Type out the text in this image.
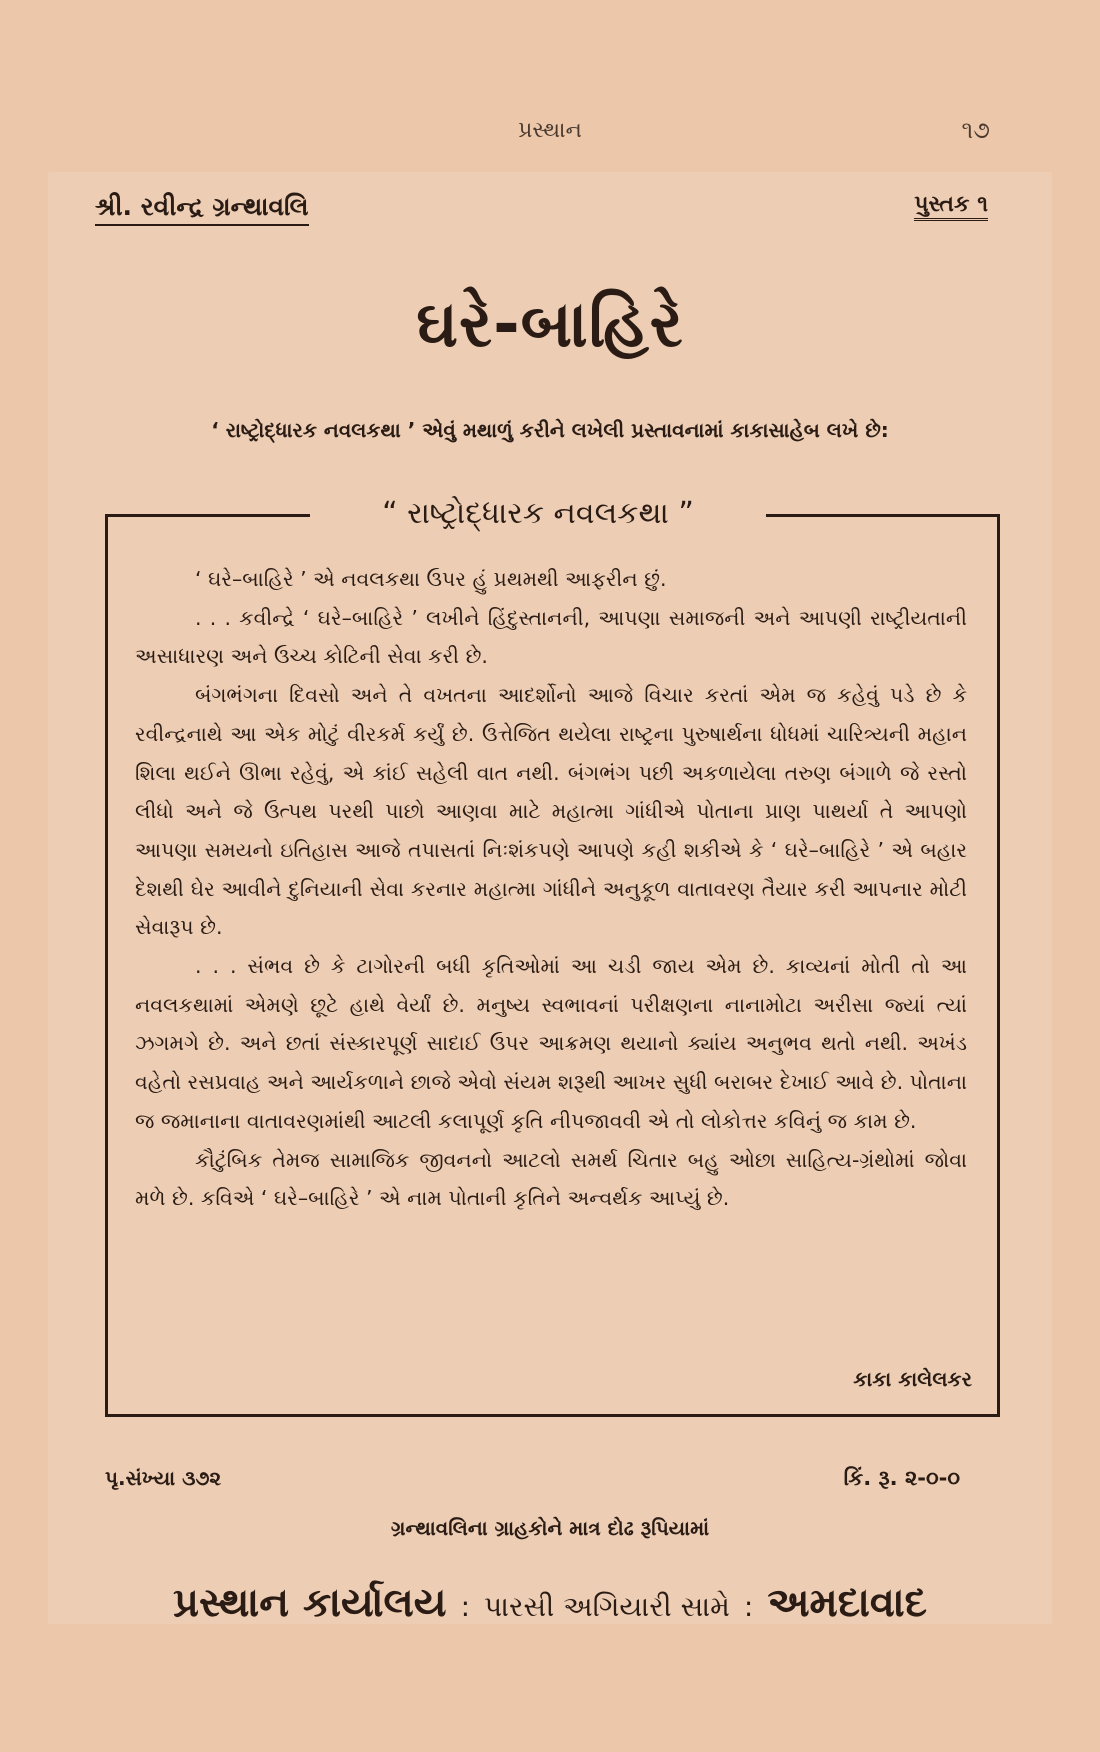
પ્રસ્થાન	૧૭
શ્રી. રવીન્દ્ર ગ્રન્થાવલિ	પુસ્તક ૧
ઘરે-બાહિરે
‘ રાષ્ટ્રોદ્ધારક નવલકથા ’ એવું મથાળું કરીને લખેલી પ્રસ્તાવનામાં કાકાસાહેબ લખે છે:
“ રાષ્ટ્રોદ્ધારક નવલકથા ”

‘ ઘરે–બાહિરે ’ એ નવલકથા ઉપર હું પ્રથમથી આફરીન છું.

. . . કવીન્દ્રે ‘ ઘરે–બાહિરે ’ લખીને હિંદુસ્તાનની, આપણા સમાજની અને આપણી રાષ્ટ્રીયતાની અસાધારણ અને ઉચ્ચ કોટિની સેવા કરી છે.

બંગભંગના દિવસો અને તે વખતના આદર્શોનો આજે વિચાર કરતાં એમ જ કહેવું પડે છે કે રવીન્દ્રનાથે આ એક મોટું વીરકર્મ કર્યું છે. ઉત્તેજિત થયેલા રાષ્ટ્રના પુરુષાર્થના ધોધમાં ચારિત્ર્યની મહાન શિલા થઈને ઊભા રહેવું, એ કાંઈ સહેલી વાત નથી. બંગભંગ પછી અકળાયેલા તરુણ બંગાળે જે રસ્તો લીધો અને જે ઉત્પથ પરથી પાછો આણવા માટે મહાત્મા ગાંધીએ પોતાના પ્રાણ પાથર્યા તે આપણો આપણા સમયનો ઇતિહાસ આજે તપાસતાં નિઃશંકપણે આપણે કહી શકીએ કે ‘ ઘરે–બાહિરે ’ એ બહાર દેશથી ઘેર આવીને દુનિયાની સેવા કરનાર મહાત્મા ગાંધીને અનુકૂળ વાતાવરણ તૈયાર કરી આપનાર મોટી સેવારૂપ છે.

. . . સંભવ છે કે ટાગોરની બધી કૃતિઓમાં આ ચડી જાય એમ છે. કાવ્યનાં મોતી તો આ નવલકથામાં એમણે છૂટે હાથે વેર્યાં છે. મનુષ્ય સ્વભાવનાં પરીક્ષણના નાનામોટા અરીસા જ્યાં ત્યાં ઝગમગે છે. અને છતાં સંસ્કારપૂર્ણ સાદાઈ ઉપર આક્રમણ થયાનો ક્યાંય અનુભવ થતો નથી. અખંડ વહેતો રસપ્રવાહ અને આર્યકળાને છાજે એવો સંયમ શરૂથી આખર સુધી બરાબર દેખાઈ આવે છે. પોતાના જ જમાનાના વાતાવરણમાંથી આટલી કલાપૂર્ણ કૃતિ નીપજાવવી એ તો લોકોત્તર કવિનું જ કામ છે.

કૌટુંબિક તેમજ સામાજિક જીવનનો આટલો સમર્થ ચિતાર બહુ ઓછા સાહિત્ય-ગ્રંથોમાં જોવા મળે છે. કવિએ ‘ ઘરે–બાહિરે ’ એ નામ પોતાની કૃતિને અન્વર્થક આપ્યું છે.

કાકા કાલેલકર
પૃ.સંખ્યા ૩૭૨	કિં. રૂ. ૨-૦-૦
ગ્રન્થાવલિના ગ્રાહકોને માત્ર દોઢ રૂપિયામાં
પ્રસ્થાન કાર્યાલય : પારસી અગિયારી સામે : અમદાવાદ
